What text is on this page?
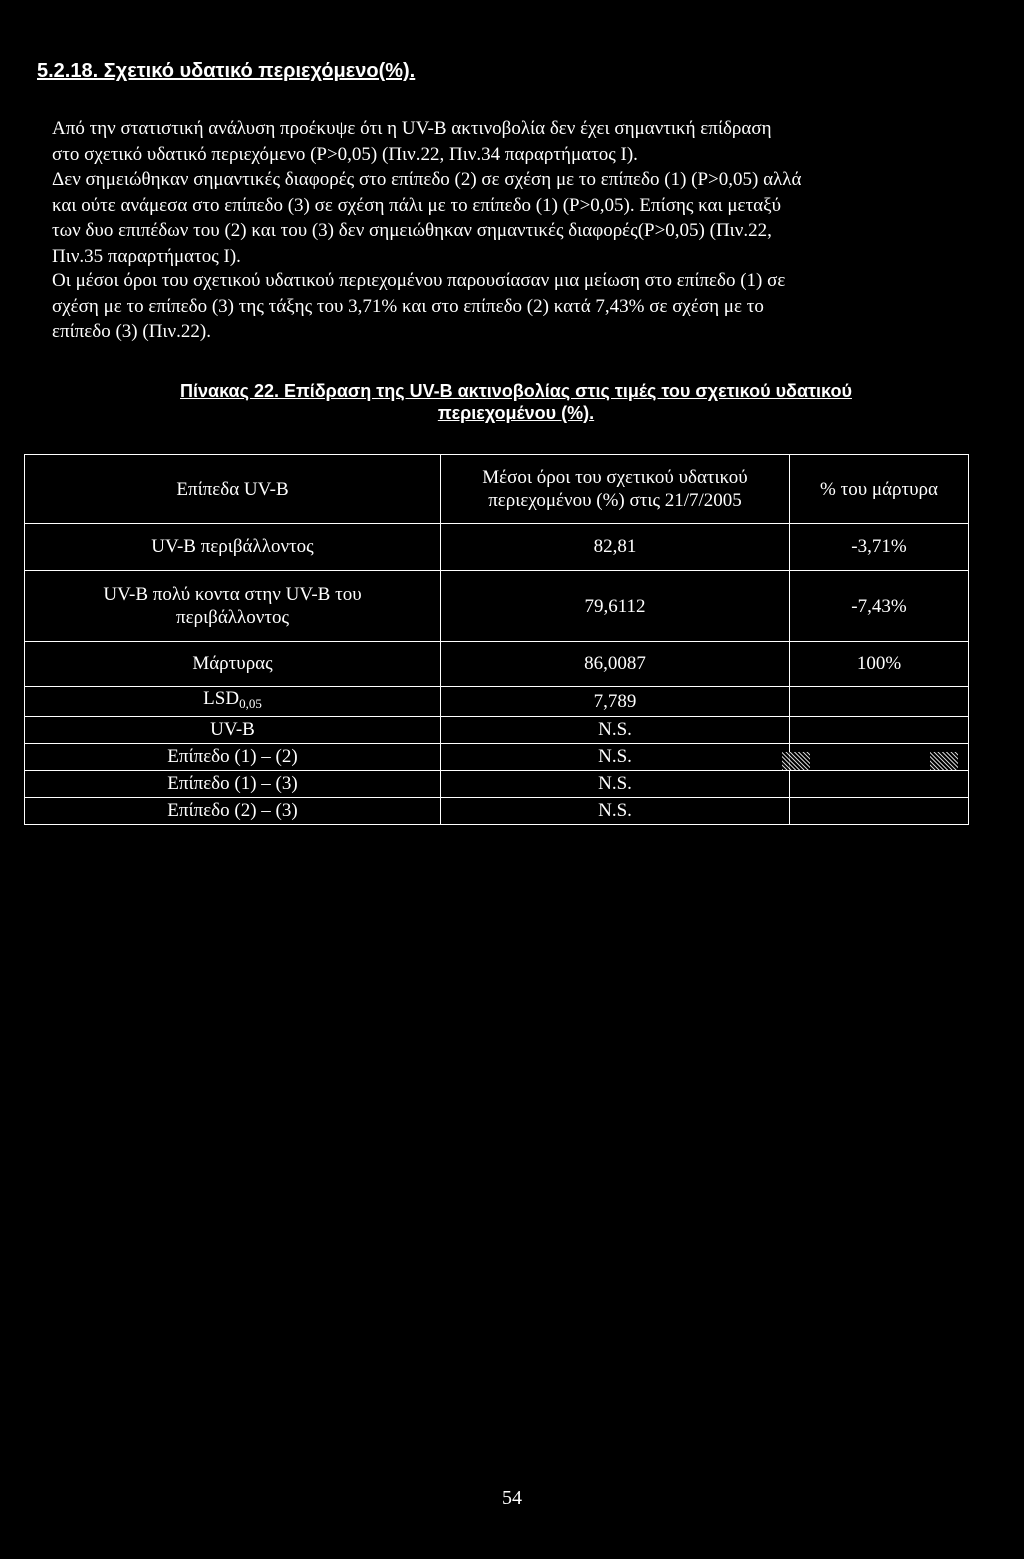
5.2.18. Σχετικό υδατικό περιεχόμενο(%).
Από την στατιστική ανάλυση προέκυψε ότι η UV-B ακτινοβολία δεν έχει σημαντική επίδραση
στο σχετικό υδατικό περιεχόμενο (P>0,05) (Πιν.22, Πιν.34 παραρτήματος Ι).
Δεν σημειώθηκαν σημαντικές διαφορές στο επίπεδο (2) σε σχέση με το επίπεδο (1) (P>0,05) αλλά
και ούτε ανάμεσα στο επίπεδο (3) σε σχέση πάλι με το επίπεδο (1) (P>0,05). Επίσης και μεταξύ
των δυο επιπέδων του (2) και του (3) δεν σημειώθηκαν σημαντικές διαφορές(P>0,05) (Πιν.22,
Πιν.35 παραρτήματος Ι).
Οι μέσοι όροι του σχετικού υδατικού περιεχομένου παρουσίασαν μια μείωση στο επίπεδο (1) σε
σχέση με το επίπεδο (3) της τάξης του 3,71% και στο επίπεδο (2) κατά 7,43% σε σχέση με το
επίπεδο (3) (Πιν.22).
Πίνακας 22. Επίδραση της UV-B ακτινοβολίας στις τιμές του σχετικού υδατικού
περιεχομένου (%).
Επίπεδα UV-B	Μέσοι όροι του σχετικού υδατικού
περιεχομένου (%) στις 21/7/2005	% του μάρτυρα
UV-B περιβάλλοντος	82,81	-3,71%

UV-B πολύ κοντα στην UV-B του
περιβάλλοντος	79,6112	-7,43%
Μάρτυρας	86,0087	100%
$LSD_{0,05}$	7,789	
UV-B	N.S.	
Επίπεδο (1) – (2)	N.S.	
Επίπεδο (1) – (3)	N.S.	
Επίπεδο (2) – (3)	N.S.	
54
